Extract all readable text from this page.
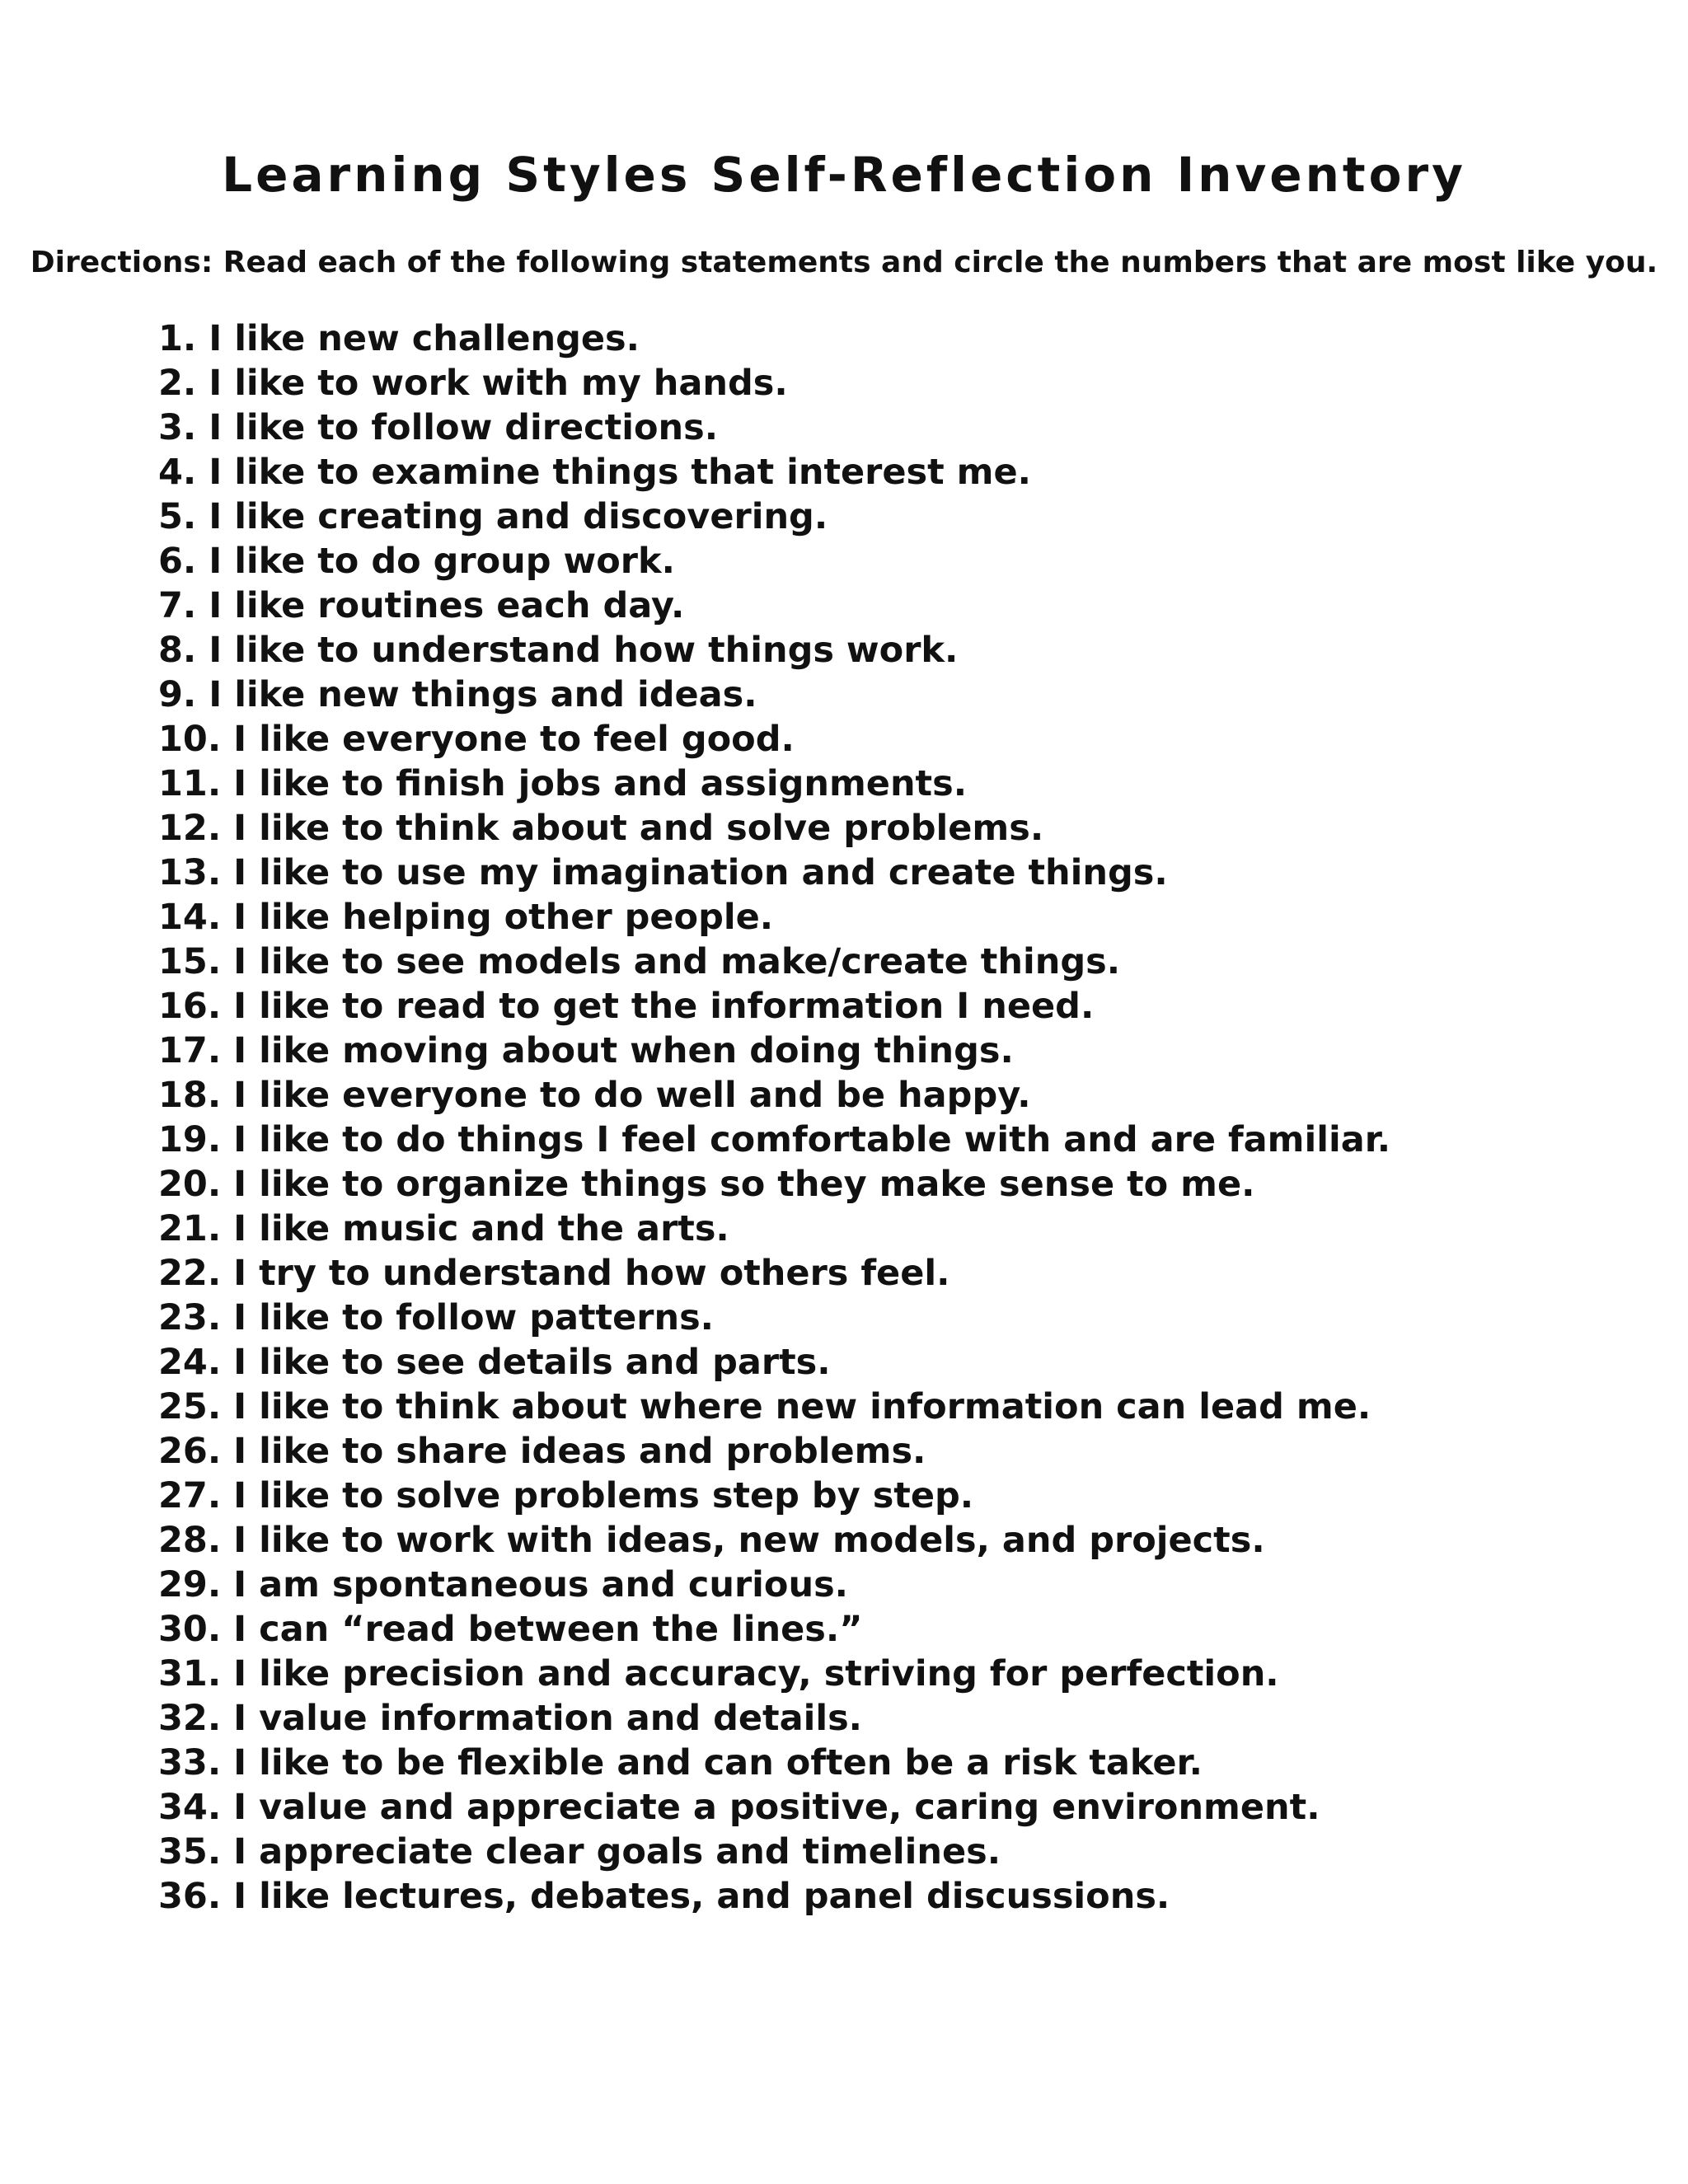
Learning Styles Self-Reflection Inventory

Directions: Read each of the following statements and circle the numbers that are most like you.

1. I like new challenges.
2. I like to work with my hands.
3. I like to follow directions.
4. I like to examine things that interest me.
5. I like creating and discovering.
6. I like to do group work.
7. I like routines each day.
8. I like to understand how things work.
9. I like new things and ideas.
10. I like everyone to feel good.
11. I like to finish jobs and assignments.
12. I like to think about and solve problems.
13. I like to use my imagination and create things.
14. I like helping other people.
15. I like to see models and make/create things.
16. I like to read to get the information I need.
17. I like moving about when doing things.
18. I like everyone to do well and be happy.
19. I like to do things I feel comfortable with and are familiar.
20. I like to organize things so they make sense to me.
21. I like music and the arts.
22. I try to understand how others feel.
23. I like to follow patterns.
24. I like to see details and parts.
25. I like to think about where new information can lead me.
26. I like to share ideas and problems.
27. I like to solve problems step by step.
28. I like to work with ideas, new models, and projects.
29. I am spontaneous and curious.
30. I can “read between the lines.”
31. I like precision and accuracy, striving for perfection.
32. I value information and details.
33. I like to be flexible and can often be a risk taker.
34. I value and appreciate a positive, caring environment.
35. I appreciate clear goals and timelines.
36. I like lectures, debates, and panel discussions.
